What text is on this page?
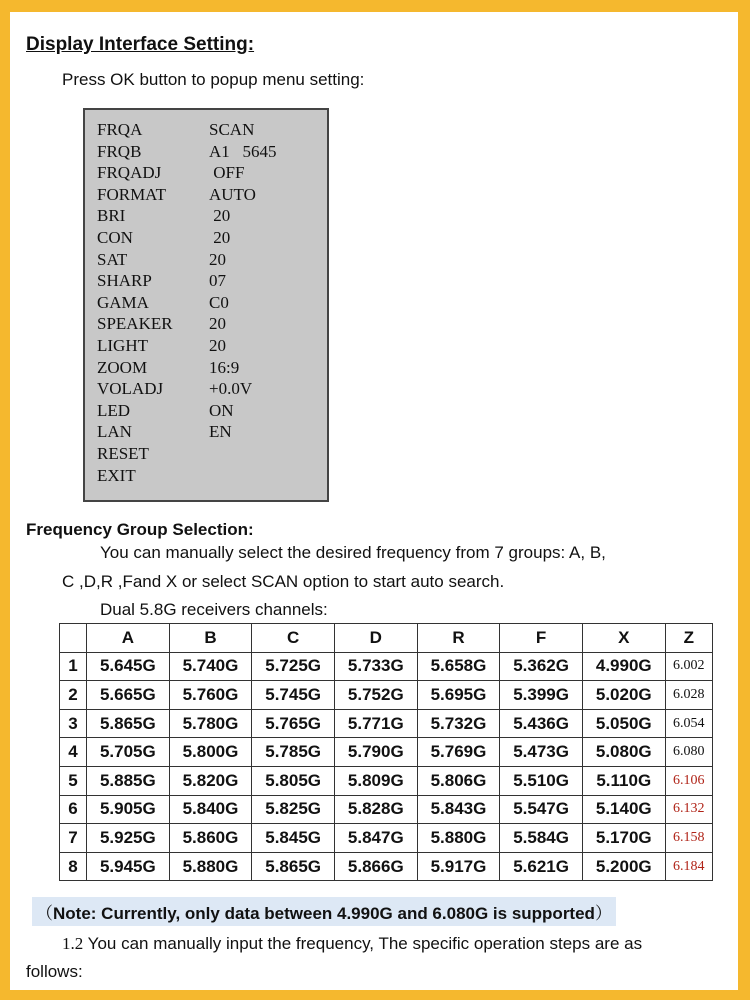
Display Interface Setting:
Press OK button to popup menu setting:
FRQA	SCAN
FRQB	A1   5645
FRQADJ	OFF
FORMAT	AUTO
BRI	20
CON	20
SAT	20
SHARP	07
GAMA	C0
SPEAKER 20
LIGHT	20
ZOOM	16:9
VOLADJ	+0.0V
LED	ON
LAN	EN
RESET
EXIT
Frequency Group Selection:
You can manually select the desired frequency from 7 groups: A, B,
C ,D,R ,Fand X or select SCAN option to start auto search.
Dual 5.8G receivers channels:
	A	B	C	D	R	F	X	Z
1	5.645G	5.740G	5.725G	5.733G	5.658G	5.362G	4.990G	6.002
2	5.665G	5.760G	5.745G	5.752G	5.695G	5.399G	5.020G	6.028
3	5.865G	5.780G	5.765G	5.771G	5.732G	5.436G	5.050G	6.054
4	5.705G	5.800G	5.785G	5.790G	5.769G	5.473G	5.080G	6.080
5	5.885G	5.820G	5.805G	5.809G	5.806G	5.510G	5.110G	6.106
6	5.905G	5.840G	5.825G	5.828G	5.843G	5.547G	5.140G	6.132
7	5.925G	5.860G	5.845G	5.847G	5.880G	5.584G	5.170G	6.158
8	5.945G	5.880G	5.865G	5.866G	5.917G	5.621G	5.200G	6.184
（Note: Currently, only data between 4.990G and 6.080G is supported）
1.2 You can manually input the frequency, The specific operation steps are as
follows:
